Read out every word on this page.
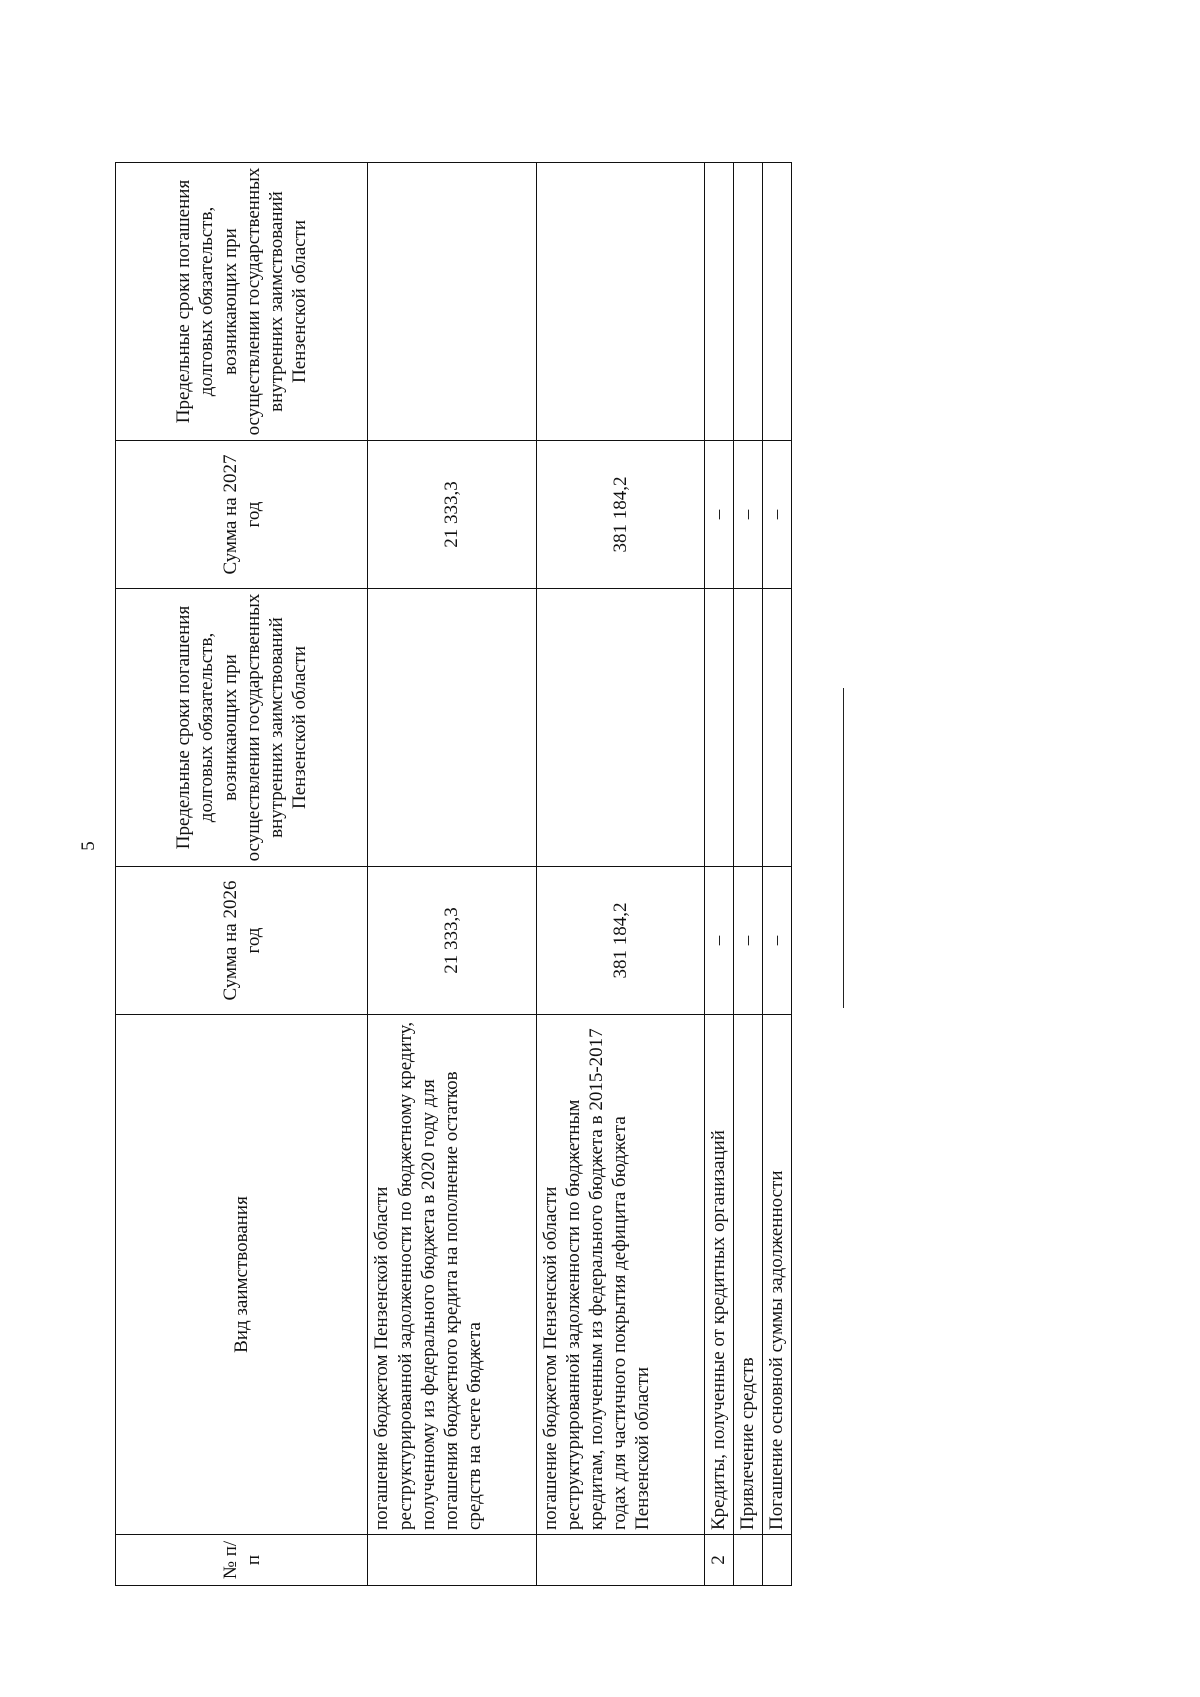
5
№ п/п	Вид заимствования	Сумма на 2026 год	Предельные сроки погашения долговых обязательств, возникающих при осуществлении государственных внутренних заимствований Пензенской области	Сумма на 2027 год	Предельные сроки погашения долговых обязательств, возникающих при осуществлении государственных внутренних заимствований Пензенской области
	погашение бюджетом Пензенской области реструктурированной задолженности по бюджетному кредиту, полученному из федерального бюджета в 2020 году для погашения бюджетного кредита на пополнение остатков средств на счете бюджета	21 333,3		21 333,3	
	погашение бюджетом Пензенской области реструктурированной задолженности по бюджетным кредитам, полученным из федерального бюджета в 2015-2017 годах для частичного покрытия дефицита бюджета Пензенской области	381 184,2		381 184,2	
2	Кредиты, полученные от кредитных организаций	–		–	
	Привлечение средств	–		–	
	Погашение основной суммы задолженности	–		–	
